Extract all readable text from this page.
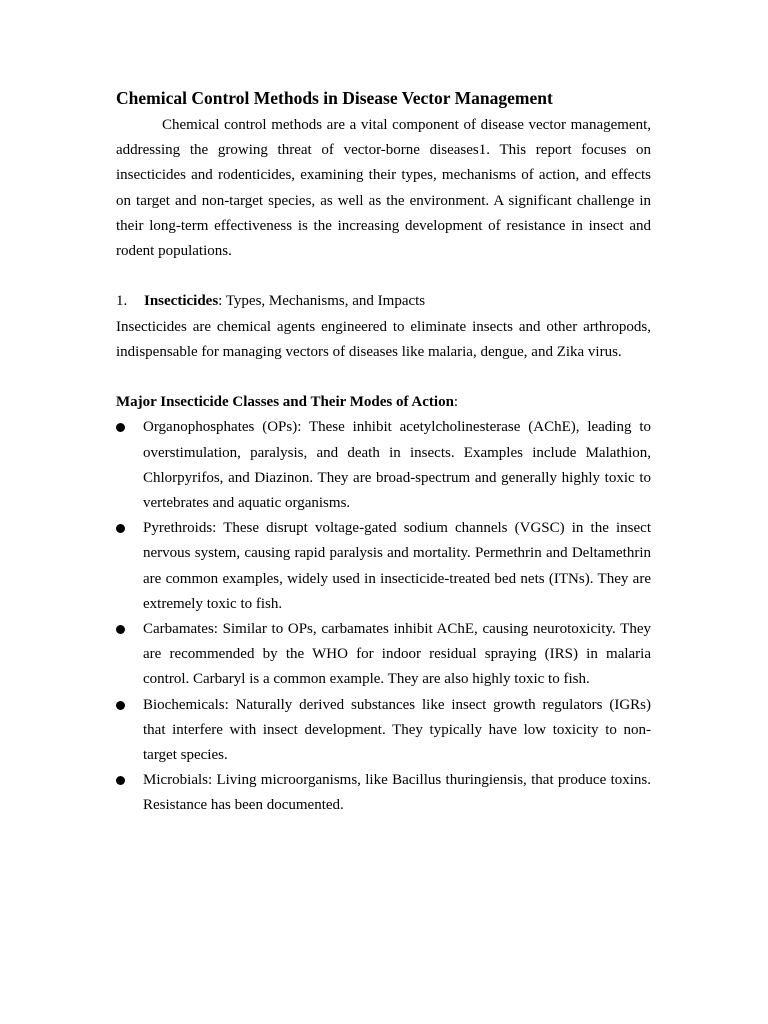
Chemical Control Methods in Disease Vector Management

Chemical control methods are a vital component of disease vector management, addressing the growing threat of vector-borne diseases1. This report focuses on insecticides and rodenticides, examining their types, mechanisms of action, and effects on target and non-target species, as well as the environment. A significant challenge in their long-term effectiveness is the increasing development of resistance in insect and rodent populations.

1.	Insecticides: Types, Mechanisms, and Impacts

Insecticides are chemical agents engineered to eliminate insects and other arthropods, indispensable for managing vectors of diseases like malaria, dengue, and Zika virus.

Major Insecticide Classes and Their Modes of Action:

Organophosphates (OPs): These inhibit acetylcholinesterase (AChE), leading to overstimulation, paralysis, and death in insects. Examples include Malathion, Chlorpyrifos, and Diazinon. They are broad-spectrum and generally highly toxic to vertebrates and aquatic organisms.
Pyrethroids: These disrupt voltage-gated sodium channels (VGSC) in the insect nervous system, causing rapid paralysis and mortality. Permethrin and Deltamethrin are common examples, widely used in insecticide-treated bed nets (ITNs). They are extremely toxic to fish.
Carbamates: Similar to OPs, carbamates inhibit AChE, causing neurotoxicity. They are recommended by the WHO for indoor residual spraying (IRS) in malaria control. Carbaryl is a common example. They are also highly toxic to fish.
Biochemicals: Naturally derived substances like insect growth regulators (IGRs) that interfere with insect development. They typically have low toxicity to non-target species.
Microbials: Living microorganisms, like Bacillus thuringiensis, that produce toxins. Resistance has been documented.
